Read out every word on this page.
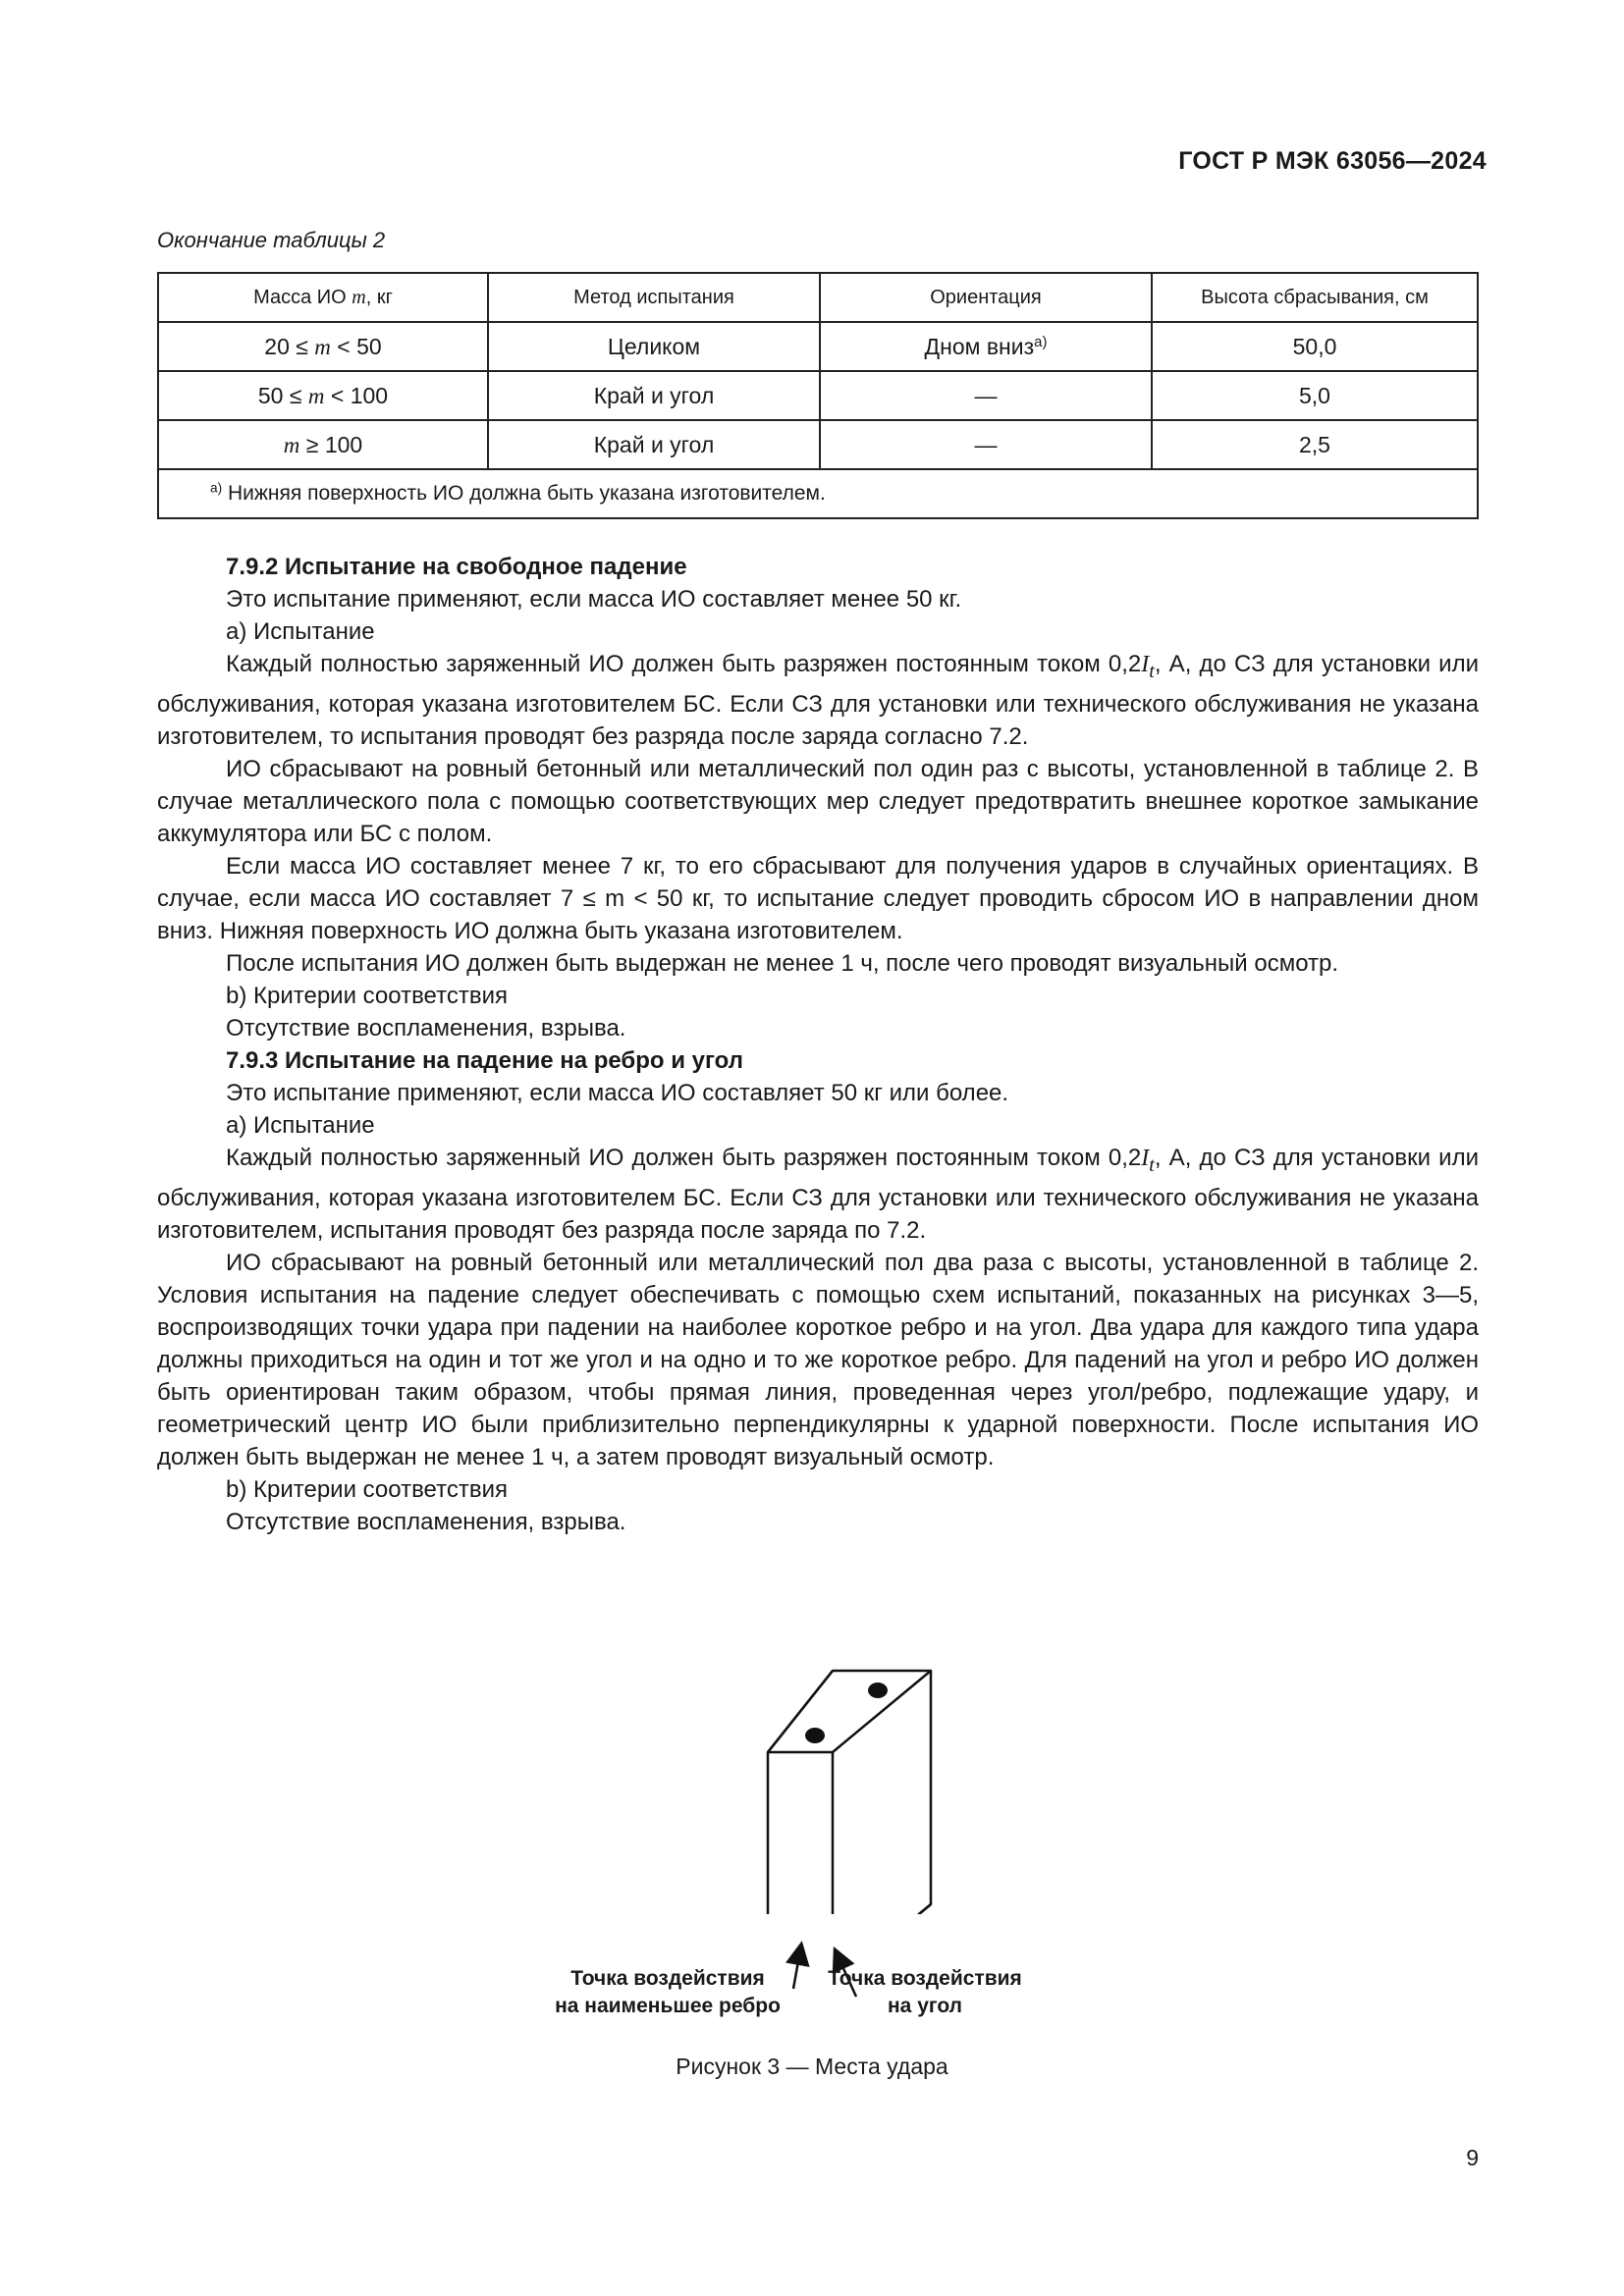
ГОСТ Р МЭК 63056—2024
Окончание таблицы 2
Масса ИО m, кг	Метод испытания	Ориентация	Высота сбрасывания, см
20 ≤ m < 50	Целиком	Дном вниз$^{а)}$	50,0
50 ≤ m < 100	Край и угол	—	5,0
m ≥ 100	Край и угол	—	2,5
$^{а)}$ Нижняя поверхность ИО должна быть указана изготовителем.			

7.9.2 Испытание на свободное падение

Это испытание применяют, если масса ИО составляет менее 50 кг.

а) Испытание

Каждый полностью заряженный ИО должен быть разряжен постоянным током $0,2I_t$, А, до СЗ для установки или обслуживания, которая указана изготовителем БС. Если СЗ для установки или технического обслуживания не указана изготовителем, то испытания проводят без разряда после заряда согласно 7.2.

ИО сбрасывают на ровный бетонный или металлический пол один раз с высоты, установленной в таблице 2. В случае металлического пола с помощью соответствующих мер следует предотвратить внешнее короткое замыкание аккумулятора или БС с полом.

Если масса ИО составляет менее 7 кг, то его сбрасывают для получения ударов в случайных ориентациях. В случае, если масса ИО составляет 7 ≤ m < 50 кг, то испытание следует проводить сбросом ИО в направлении дном вниз. Нижняя поверхность ИО должна быть указана изготовителем.

После испытания ИО должен быть выдержан не менее 1 ч, после чего проводят визуальный осмотр.

b) Критерии соответствия

Отсутствие воспламенения, взрыва.

7.9.3 Испытание на падение на ребро и угол

Это испытание применяют, если масса ИО составляет 50 кг или более.

а) Испытание

Каждый полностью заряженный ИО должен быть разряжен постоянным током $0,2I_t$, А, до СЗ для установки или обслуживания, которая указана изготовителем БС. Если СЗ для установки или технического обслуживания не указана изготовителем, испытания проводят без разряда после заряда по 7.2.

ИО сбрасывают на ровный бетонный или металлический пол два раза с высоты, установленной в таблице 2. Условия испытания на падение следует обеспечивать с помощью схем испытаний, показанных на рисунках 3—5, воспроизводящих точки удара при падении на наиболее короткое ребро и на угол. Два удара для каждого типа удара должны приходиться на один и тот же угол и на одно и то же короткое ребро. Для падений на угол и ребро ИО должен быть ориентирован таким образом, чтобы прямая линия, проведенная через угол/ребро, подлежащие удару, и геометрический центр ИО были приблизительно перпендикулярны к ударной поверхности. После испытания ИО должен быть выдержан не менее 1 ч, а затем проводят визуальный осмотр.

b) Критерии соответствия

Отсутствие воспламенения, взрыва.

Точка воздействия
на наименьшее ребро
Точка воздействия
на угол
Рисунок 3 — Места удара
9
